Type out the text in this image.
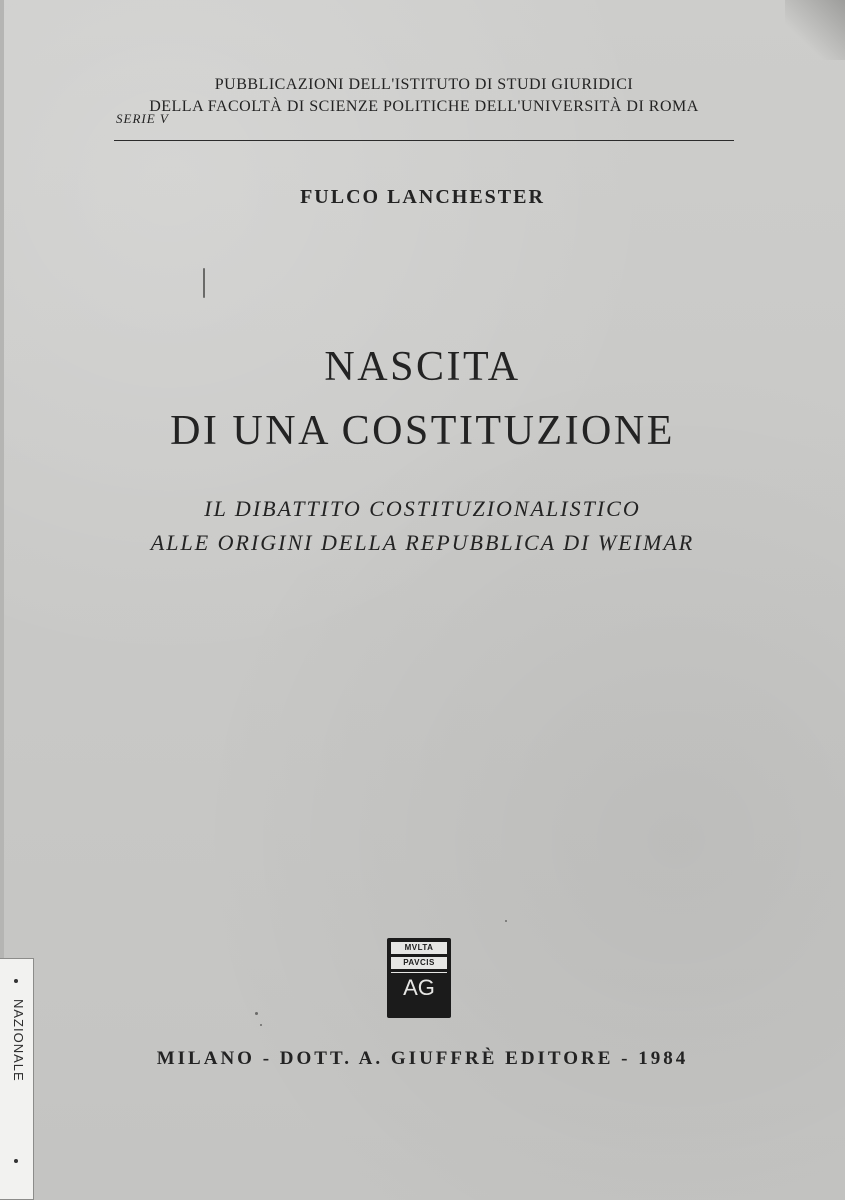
PUBBLICAZIONI DELL'ISTITUTO DI STUDI GIURIDICI
DELLA FACOLTÀ DI SCIENZE POLITICHE DELL'UNIVERSITÀ DI ROMA
SERIE V
FULCO LANCHESTER
NASCITA
DI UNA COSTITUZIONE
IL DIBATTITO COSTITUZIONALISTICO
ALLE ORIGINI DELLA REPUBBLICA DI WEIMAR
MVLTA
PAVCIS
AG
MILANO - DOTT. A. GIUFFRÈ EDITORE - 1984
NAZIONALE
